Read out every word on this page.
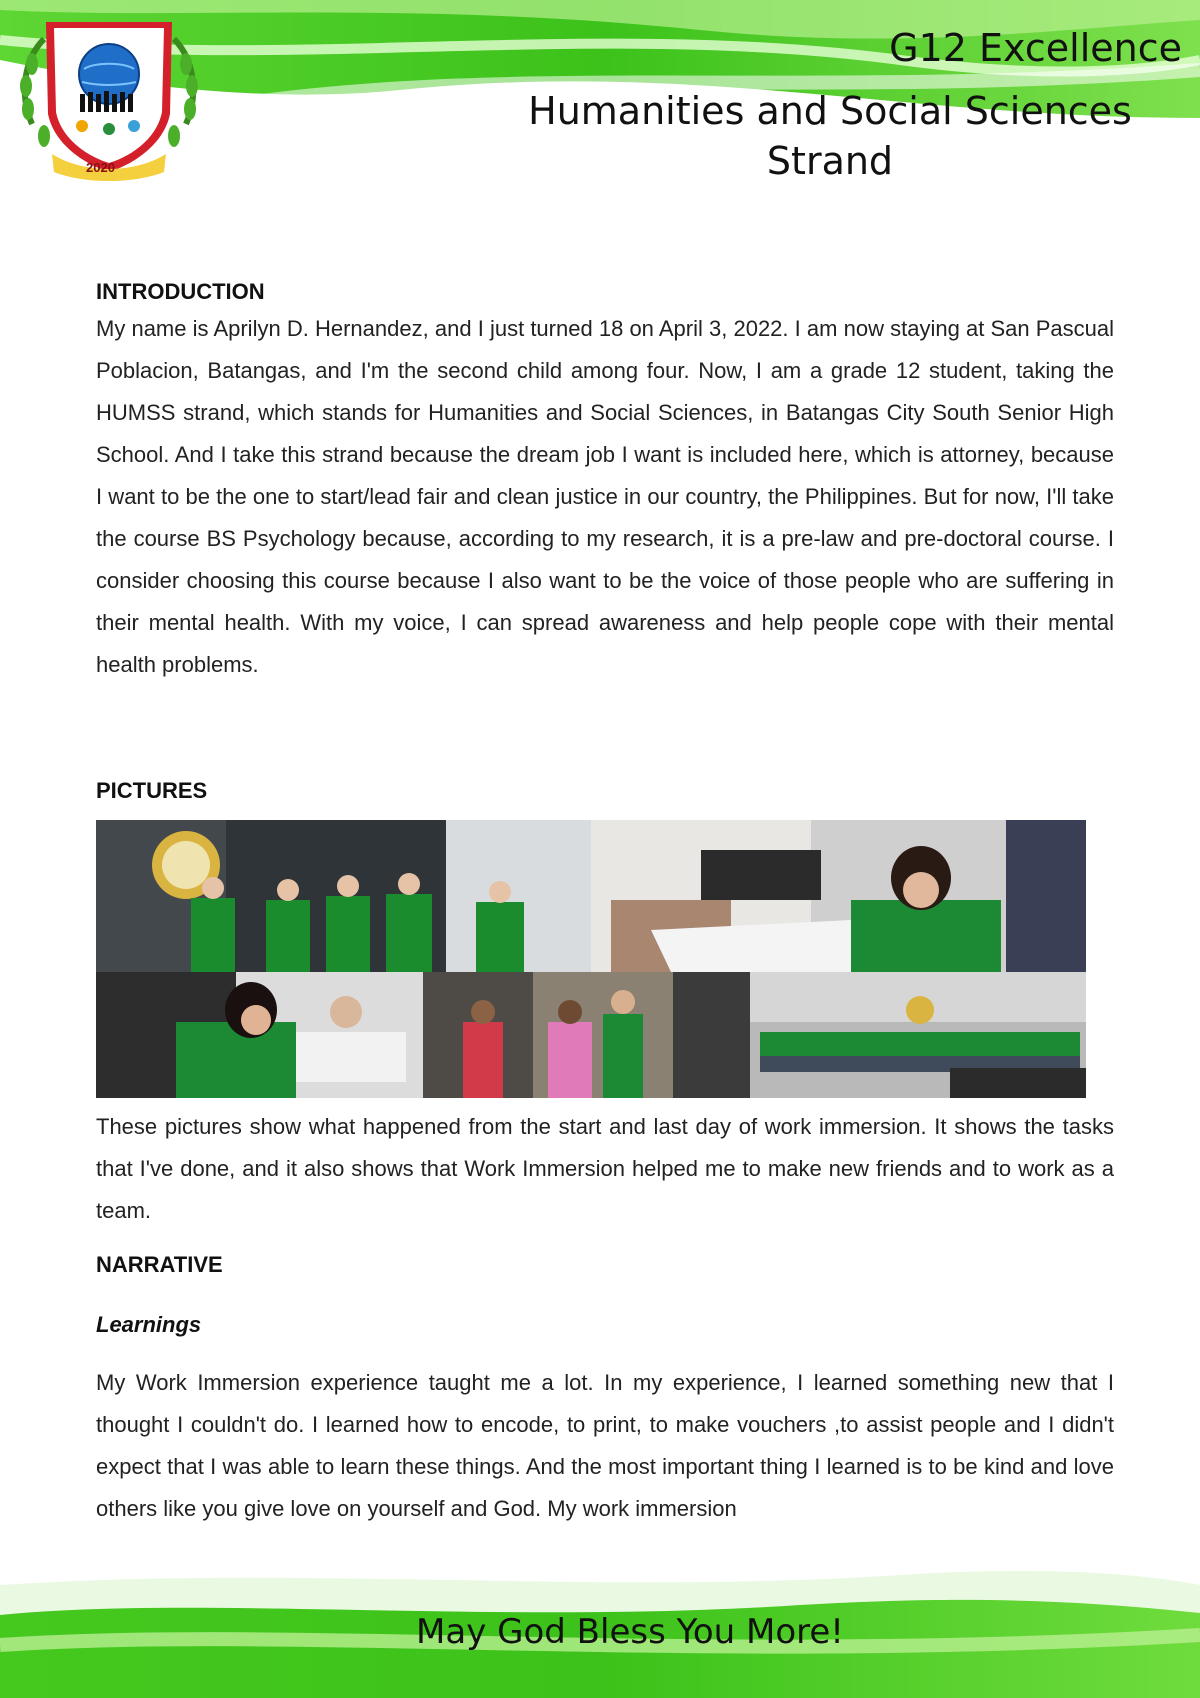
2020
G12 Excellence
Humanities and Social Sciences Strand

INTRODUCTION

My name is Aprilyn D. Hernandez, and I just turned 18 on April 3, 2022. I am now staying at San Pascual Poblacion, Batangas, and I'm the second child among four. Now, I am a grade 12 student, taking the HUMSS strand, which stands for Humanities and Social Sciences, in Batangas City South Senior High School. And I take this strand because the dream job I want is included here, which is attorney, because I want to be the one to start/lead fair and clean justice in our country, the Philippines. But for now, I'll take the course BS Psychology because, according to my research, it is a pre-law and pre-doctoral course. I consider choosing this course because I also want to be the voice of those people who are suffering in their mental health. With my voice, I can spread awareness and help people cope with their mental health problems.

PICTURES

These pictures show what happened from the start and last day of work immersion. It shows the tasks that I've done, and it also shows that Work Immersion helped me to make new friends and to work as a team.

NARRATIVE

Learnings

My Work Immersion experience taught me a lot. In my experience, I learned something new that I thought I couldn't do. I learned how to encode, to print, to make vouchers ,to assist people and I didn't expect that I was able to learn these things. And the most important thing I learned is to be kind and love others like you give love on yourself and God. My work immersion

May God Bless You More!
